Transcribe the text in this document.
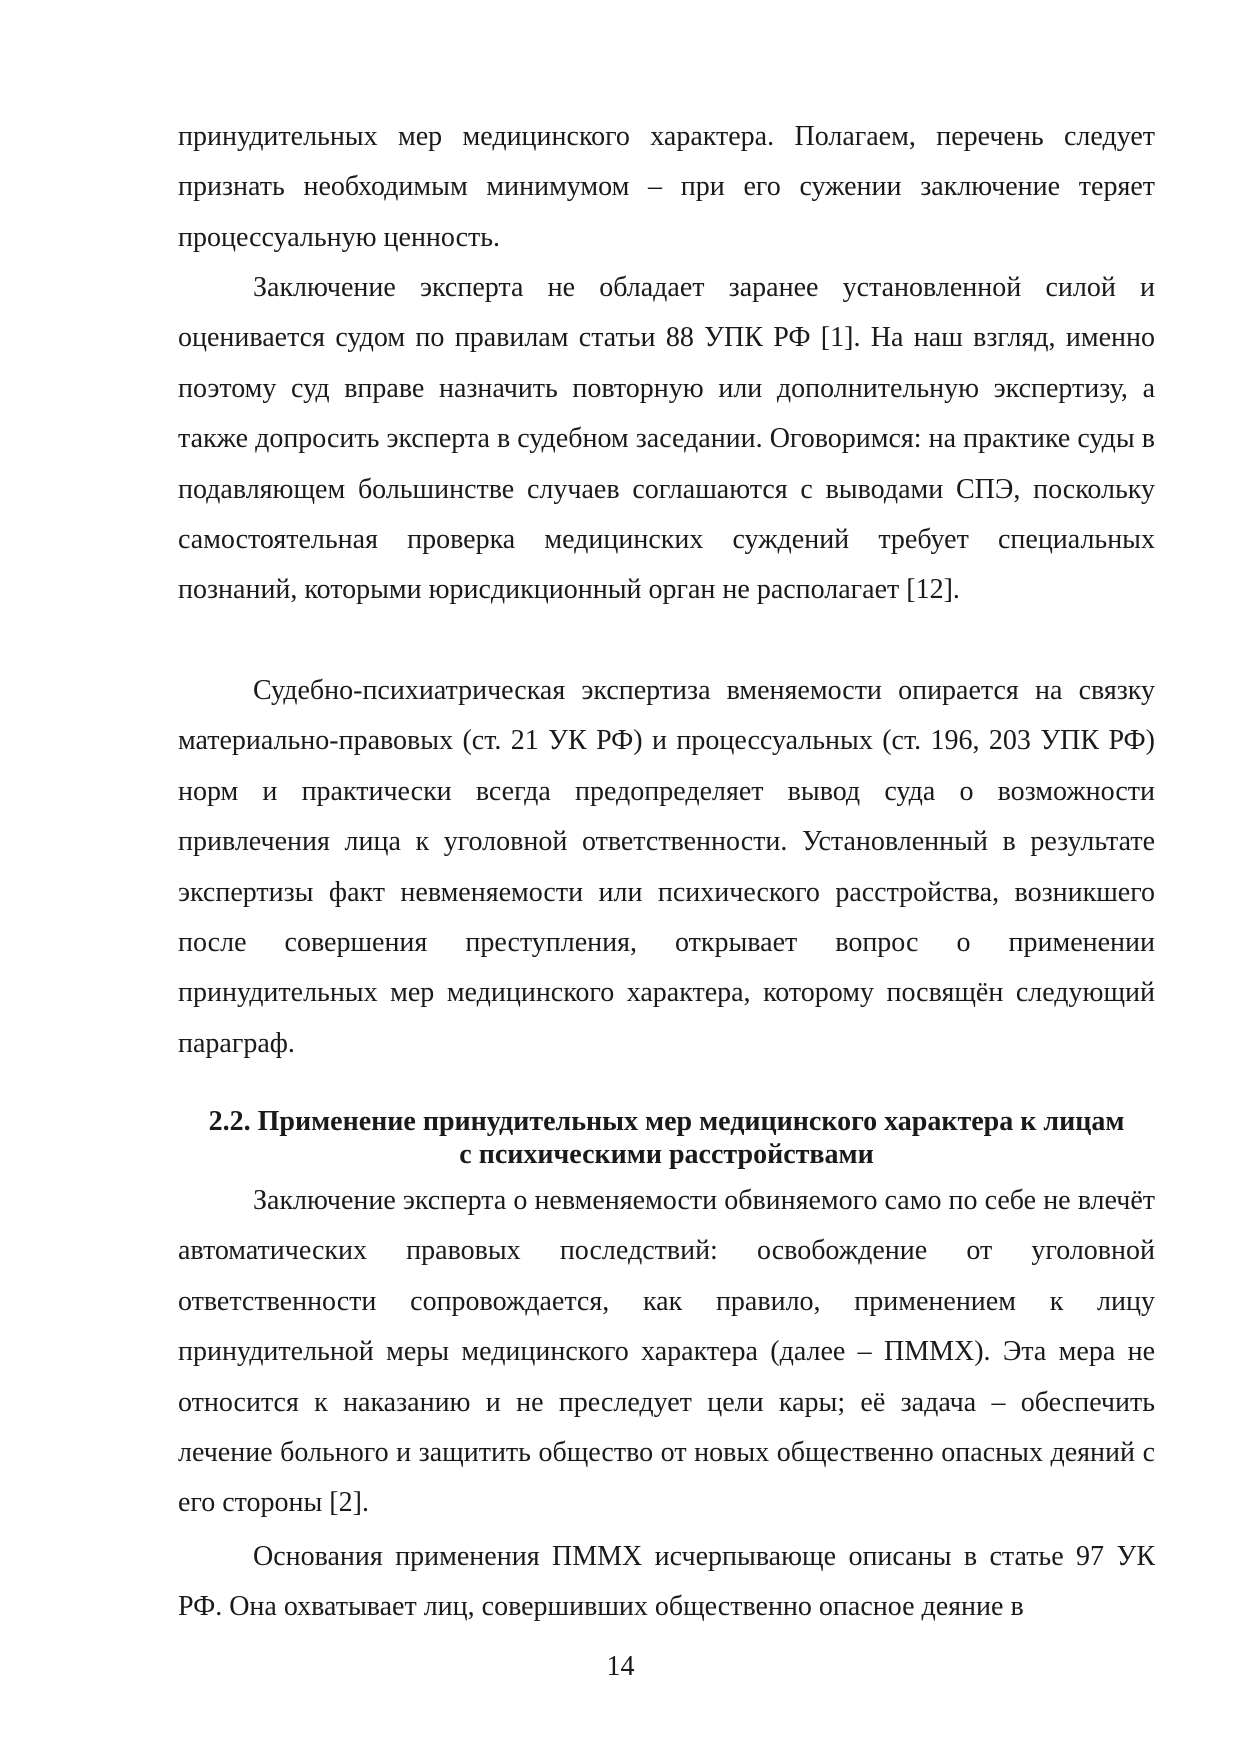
принудительных мер медицинского характера. Полагаем, перечень следует признать необходимым минимумом – при его сужении заключение теряет процессуальную ценность.

Заключение эксперта не обладает заранее установленной силой и оценивается судом по правилам статьи 88 УПК РФ [1]. На наш взгляд, именно поэтому суд вправе назначить повторную или дополнительную экспертизу, а также допросить эксперта в судебном заседании. Оговоримся: на практике суды в подавляющем большинстве случаев соглашаются с выводами СПЭ, поскольку самостоятельная проверка медицинских суждений требует специальных познаний, которыми юрисдикционный орган не располагает [12].

Судебно-психиатрическая экспертиза вменяемости опирается на связку материально-правовых (ст. 21 УК РФ) и процессуальных (ст. 196, 203 УПК РФ) норм и практически всегда предопределяет вывод суда о возможности привлечения лица к уголовной ответственности. Установленный в результате экспертизы факт невменяемости или психического расстройства, возникшего после совершения преступления, открывает вопрос о применении принудительных мер медицинского характера, которому посвящён следующий параграф.

2.2. Применение принудительных мер медицинского характера к лицам
с психическими расстройствами

Заключение эксперта о невменяемости обвиняемого само по себе не влечёт автоматических правовых последствий: освобождение от уголовной ответственности сопровождается, как правило, применением к лицу принудительной меры медицинского характера (далее – ПММХ). Эта мера не относится к наказанию и не преследует цели кары; её задача – обеспечить лечение больного и защитить общество от новых общественно опасных деяний с его стороны [2].

Основания применения ПММХ исчерпывающе описаны в статье 97 УК РФ. Она охватывает лиц, совершивших общественно опасное деяние в

14
